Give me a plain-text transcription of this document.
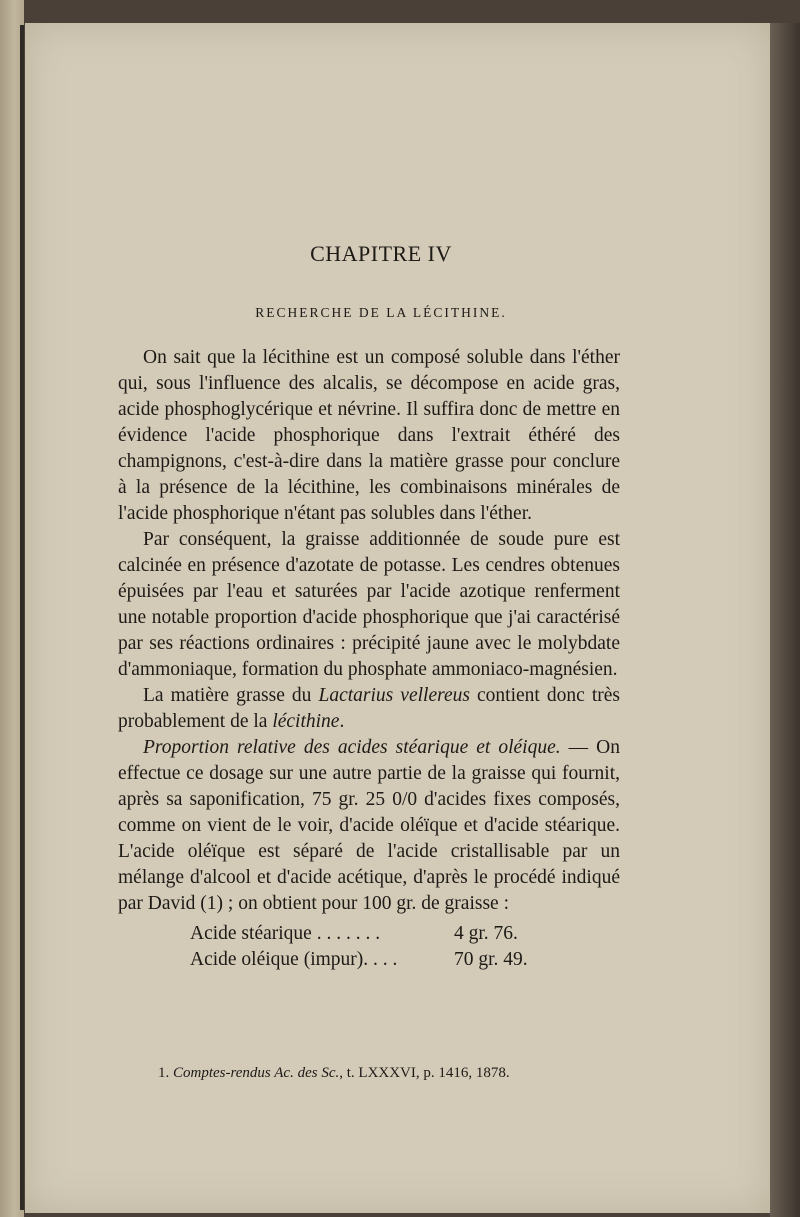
CHAPITRE IV
RECHERCHE DE LA LÉCITHINE.

On sait que la lécithine est un composé soluble dans l'éther qui, sous l'influence des alcalis, se décompose en acide gras, acide phosphoglycérique et névrine. Il suffira donc de mettre en évidence l'acide phosphorique dans l'extrait éthéré des champignons, c'est-à-dire dans la matière grasse pour conclure à la présence de la lécithine, les combinaisons minérales de l'acide phosphorique n'étant pas solubles dans l'éther.

Par conséquent, la graisse additionnée de soude pure est calcinée en présence d'azotate de potasse. Les cendres obtenues épuisées par l'eau et saturées par l'acide azotique renferment une notable proportion d'acide phosphorique que j'ai caractérisé par ses réactions ordinaires : précipité jaune avec le molybdate d'ammoniaque, formation du phosphate ammoniaco-magnésien.

La matière grasse du Lactarius vellereus contient donc très probablement de la lécithine.

Proportion relative des acides stéarique et oléique. — On effectue ce dosage sur une autre partie de la graisse qui fournit, après sa saponification, 75 gr. 25 0/0 d'acides fixes composés, comme on vient de le voir, d'acide oléïque et d'acide stéarique. L'acide oléïque est séparé de l'acide cristallisable par un mélange d'alcool et d'acide acétique, d'après le procédé indiqué par David (1) ; on obtient pour 100 gr. de graisse :

Acide stéarique . . . . . . .	4 gr. 76.
Acide oléique (impur). . . .	70 gr. 49.
1. Comptes-rendus Ac. des Sc., t. LXXXVI, p. 1416, 1878.
